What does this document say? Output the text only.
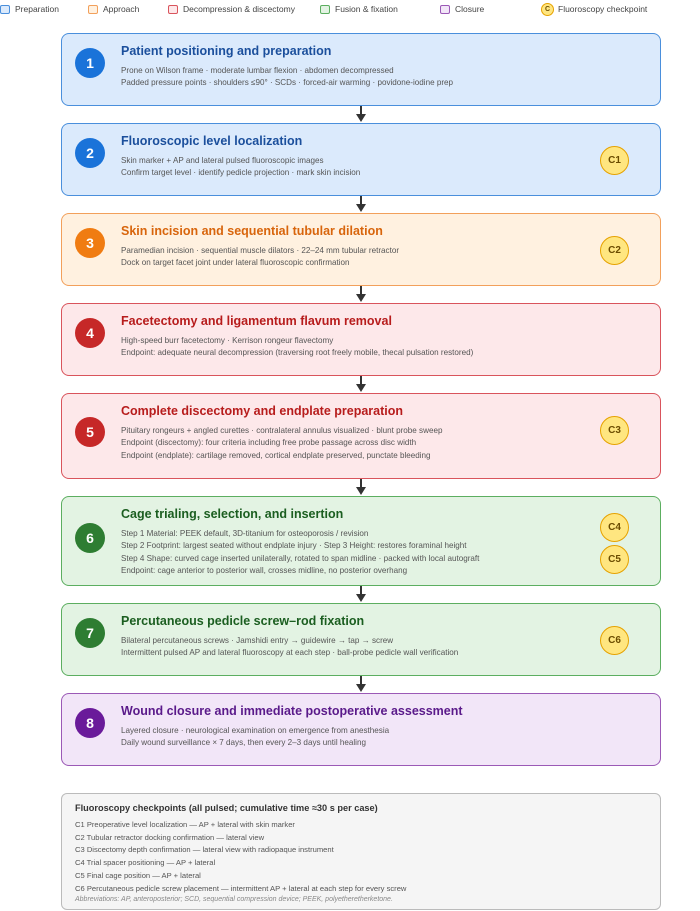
Preparation	Approach	Decompression & discectomy	Fusion & fixation	Closure	C Fluoroscopy checkpoint
1
Patient positioning and preparation
Prone on Wilson frame · moderate lumbar flexion · abdomen decompressed
Padded pressure points · shoulders ≤90° · SCDs · forced-air warming · povidone-iodine prep
2
Fluoroscopic level localization
Skin marker + AP and lateral pulsed fluoroscopic images
Confirm target level · identify pedicle projection · mark skin incision
C1
3
Skin incision and sequential tubular dilation
Paramedian incision · sequential muscle dilators · 22–24 mm tubular retractor
Dock on target facet joint under lateral fluoroscopic confirmation
C2
4
Facetectomy and ligamentum flavum removal
High-speed burr facetectomy · Kerrison rongeur flavectomy
Endpoint: adequate neural decompression (traversing root freely mobile, thecal pulsation restored)
5
Complete discectomy and endplate preparation
Pituitary rongeurs + angled curettes · contralateral annulus visualized · blunt probe sweep
Endpoint (discectomy): four criteria including free probe passage across disc width
Endpoint (endplate): cartilage removed, cortical endplate preserved, punctate bleeding
C3
6
Cage trialing, selection, and insertion
Step 1 Material: PEEK default, 3D-titanium for osteoporosis / revision
Step 2 Footprint: largest seated without endplate injury · Step 3 Height: restores foraminal height
Step 4 Shape: curved cage inserted unilaterally, rotated to span midline · packed with local autograft
Endpoint: cage anterior to posterior wall, crosses midline, no posterior overhang
C4
C5
7
Percutaneous pedicle screw–rod fixation
Bilateral percutaneous screws · Jamshidi entry → guidewire → tap → screw
Intermittent pulsed AP and lateral fluoroscopy at each step · ball-probe pedicle wall verification
C6
8
Wound closure and immediate postoperative assessment
Layered closure · neurological examination on emergence from anesthesia
Daily wound surveillance × 7 days, then every 2–3 days until healing
Fluoroscopy checkpoints (all pulsed; cumulative time ≈30 s per case)
C1 Preoperative level localization — AP + lateral with skin marker
C2 Tubular retractor docking confirmation — lateral view
C3 Discectomy depth confirmation — lateral view with radiopaque instrument
C4 Trial spacer positioning — AP + lateral
C5 Final cage position — AP + lateral
C6 Percutaneous pedicle screw placement — intermittent AP + lateral at each step for every screw
Abbreviations: AP, anteroposterior; SCD, sequential compression device; PEEK, polyetheretherketone.
